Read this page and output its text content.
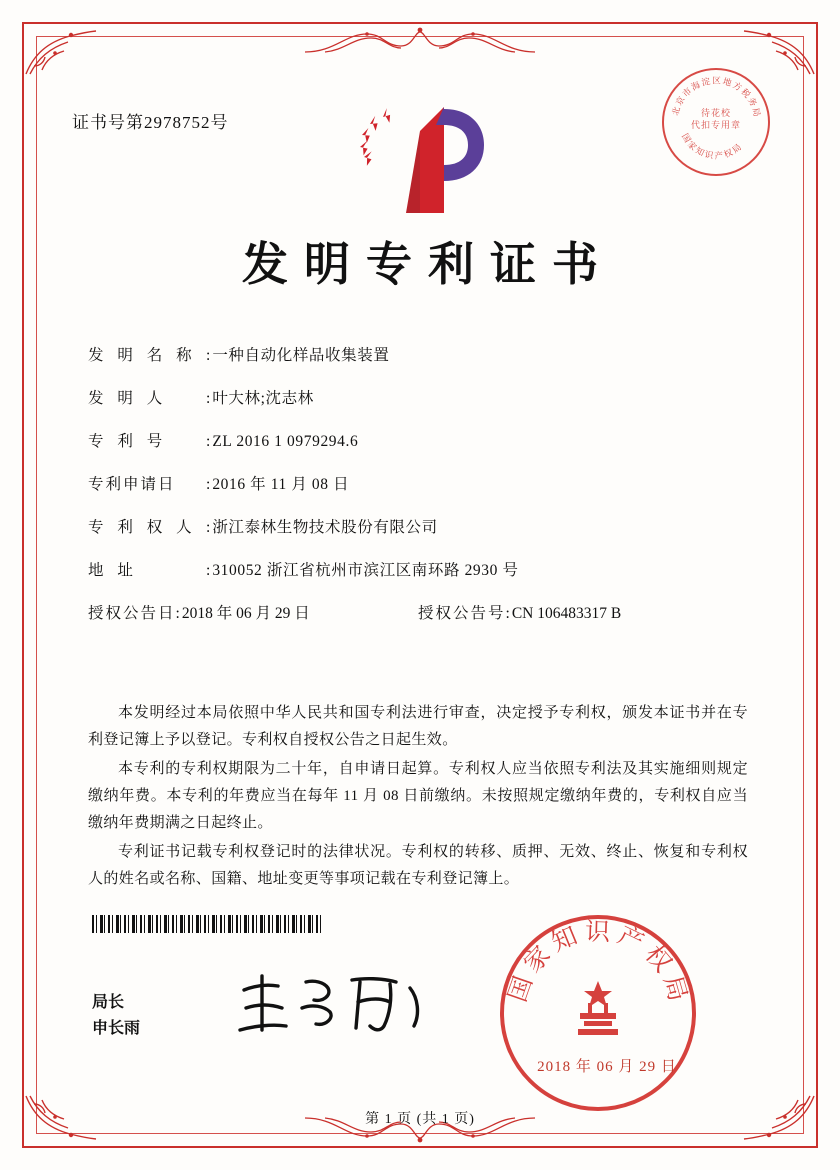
证书号第2978752号
北京市海淀区地方税务局
国家知识产权局
待花校
代扣专用章
发明专利证书
发 明 名 称 : 一种自动化样品收集装置
发 明 人	: 叶大林;沈志林
专 利 号	: ZL 2016 1 0979294.6
专利申请日	: 2016 年 11 月 08 日
专 利 权 人 : 浙江泰林生物技术股份有限公司
地 址	: 310052 浙江省杭州市滨江区南环路 2930 号
授权公告日 : 2018 年 06 月 29 日	授权公告号 : CN 106483317 B

本发明经过本局依照中华人民共和国专利法进行审查，决定授予专利权，颁发本证书并在专利登记簿上予以登记。专利权自授权公告之日起生效。

本专利的专利权期限为二十年，自申请日起算。专利权人应当依照专利法及其实施细则规定缴纳年费。本专利的年费应当在每年 11 月 08 日前缴纳。未按照规定缴纳年费的，专利权自应当缴纳年费期满之日起终止。

专利证书记载专利权登记时的法律状况。专利权的转移、质押、无效、终止、恢复和专利权人的姓名或名称、国籍、地址变更等事项记载在专利登记簿上。

局长
申长雨
国家知识产权局
2018 年 06 月 29 日
第 1 页 (共 1 页)
